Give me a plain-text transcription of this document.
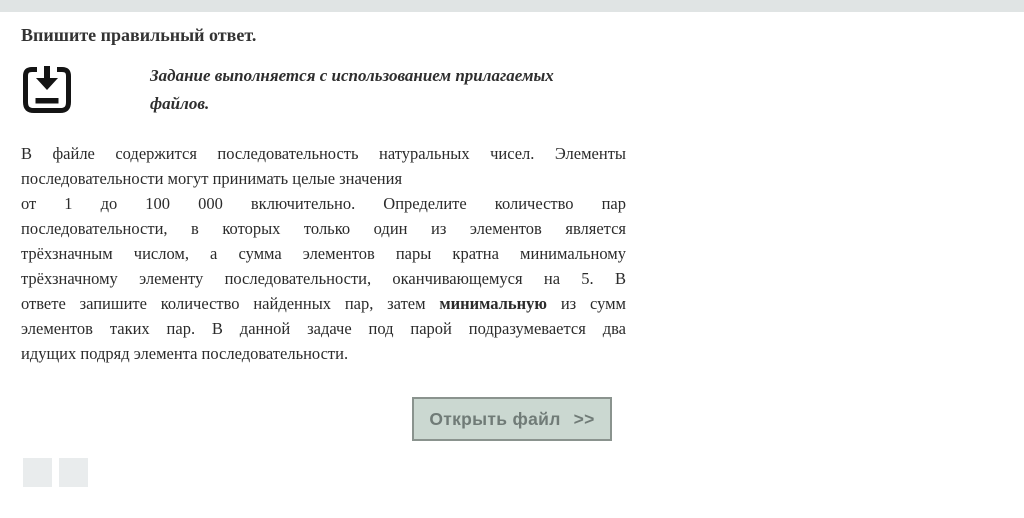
Впишите правильный ответ.
Задание выполняется с использованием прилагаемых
файлов.
В файле содержится последовательность натуральных чисел. Элементы
последовательности могут принимать целые значения
от 1 до 100 000 включительно. Определите количество пар
последовательности, в которых только один из элементов является
трёхзначным числом, а сумма элементов пары кратна минимальному
трёхзначному элементу последовательности, оканчивающемуся на 5. В
ответе запишите количество найденных пар, затем минимальную из сумм
элементов таких пар. В данной задаче под парой подразумевается два
идущих подряд элемента последовательности.
Открыть файл >>
